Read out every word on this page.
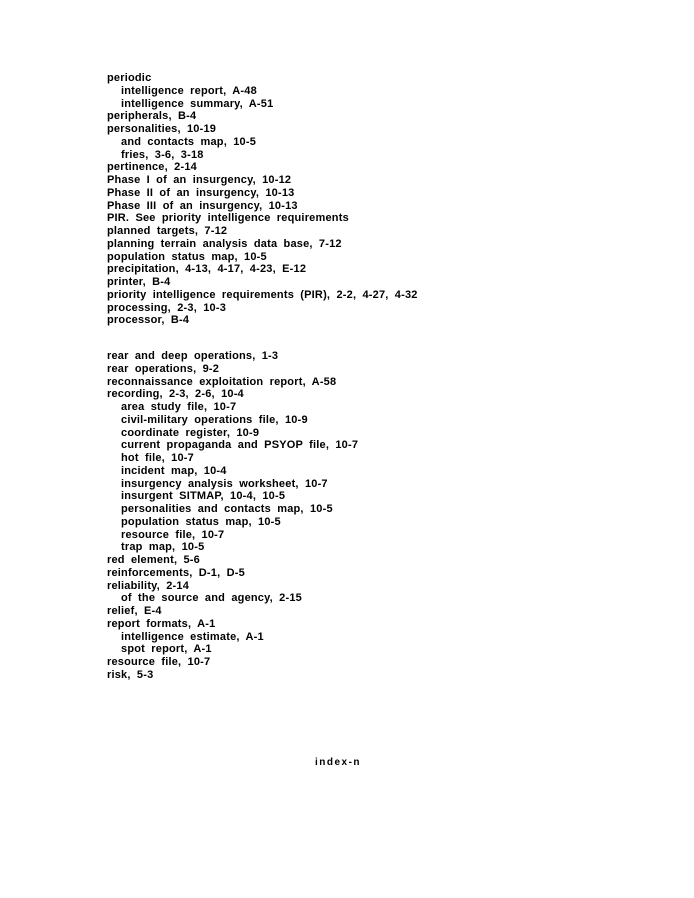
periodic
intelligence report, A-48
intelligence summary, A-51
peripherals, B-4
personalities, 10-19
and contacts map, 10-5
fries, 3-6, 3-18
pertinence, 2-14
Phase I of an insurgency, 10-12
Phase II of an insurgency, 10-13
Phase III of an insurgency, 10-13
PIR. See priority intelligence requirements
planned targets, 7-12
planning terrain analysis data base, 7-12
population status map, 10-5
precipitation, 4-13, 4-17, 4-23, E-12
printer, B-4
priority intelligence requirements (PIR), 2-2, 4-27, 4-32
processing, 2-3, 10-3
processor, B-4
rear and deep operations, 1-3
rear operations, 9-2
reconnaissance exploitation report, A-58
recording, 2-3, 2-6, 10-4
area study file, 10-7
civil-military operations file, 10-9
coordinate register, 10-9
current propaganda and PSYOP file, 10-7
hot file, 10-7
incident map, 10-4
insurgency analysis worksheet, 10-7
insurgent SITMAP, 10-4, 10-5
personalities and contacts map, 10-5
population status map, 10-5
resource file, 10-7
trap map, 10-5
red element, 5-6
reinforcements, D-1, D-5
reliability, 2-14
of the source and agency, 2-15
relief, E-4
report formats, A-1
intelligence estimate, A-1
spot report, A-1
resource file, 10-7
risk, 5-3
index-n
